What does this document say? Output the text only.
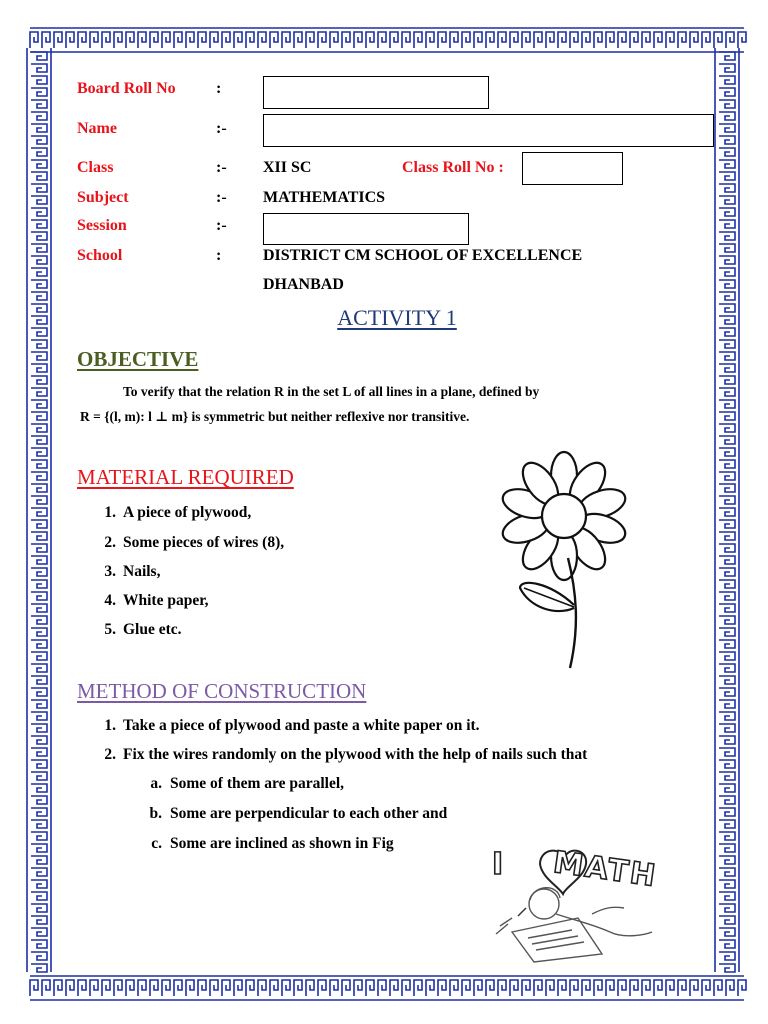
Board Roll No	:
Name	:-
Class	:- XII SC	Class Roll No :
Subject	:- MATHEMATICS
Session	:-
School	:	DISTRICT CM SCHOOL OF EXCELLENCE
DHANBAD
ACTIVITY 1
OBJECTIVE
To verify that the relation R in the set L of all lines in a plane, defined by
R = {(l, m): l ⊥ m} is symmetric but neither reflexive nor transitive.
MATERIAL REQUIRED
1. A piece of plywood,
2. Some pieces of wires (8),
3. Nails,
4. White paper,
5. Glue etc.
METHOD OF CONSTRUCTION
1. Take a piece of plywood and paste a white paper on it.
2. Fix the wires randomly on the plywood with the help of nails such that
a. Some of them are parallel,
b. Some are perpendicular to each other and
c. Some are inclined as shown in Fig
I MATH
